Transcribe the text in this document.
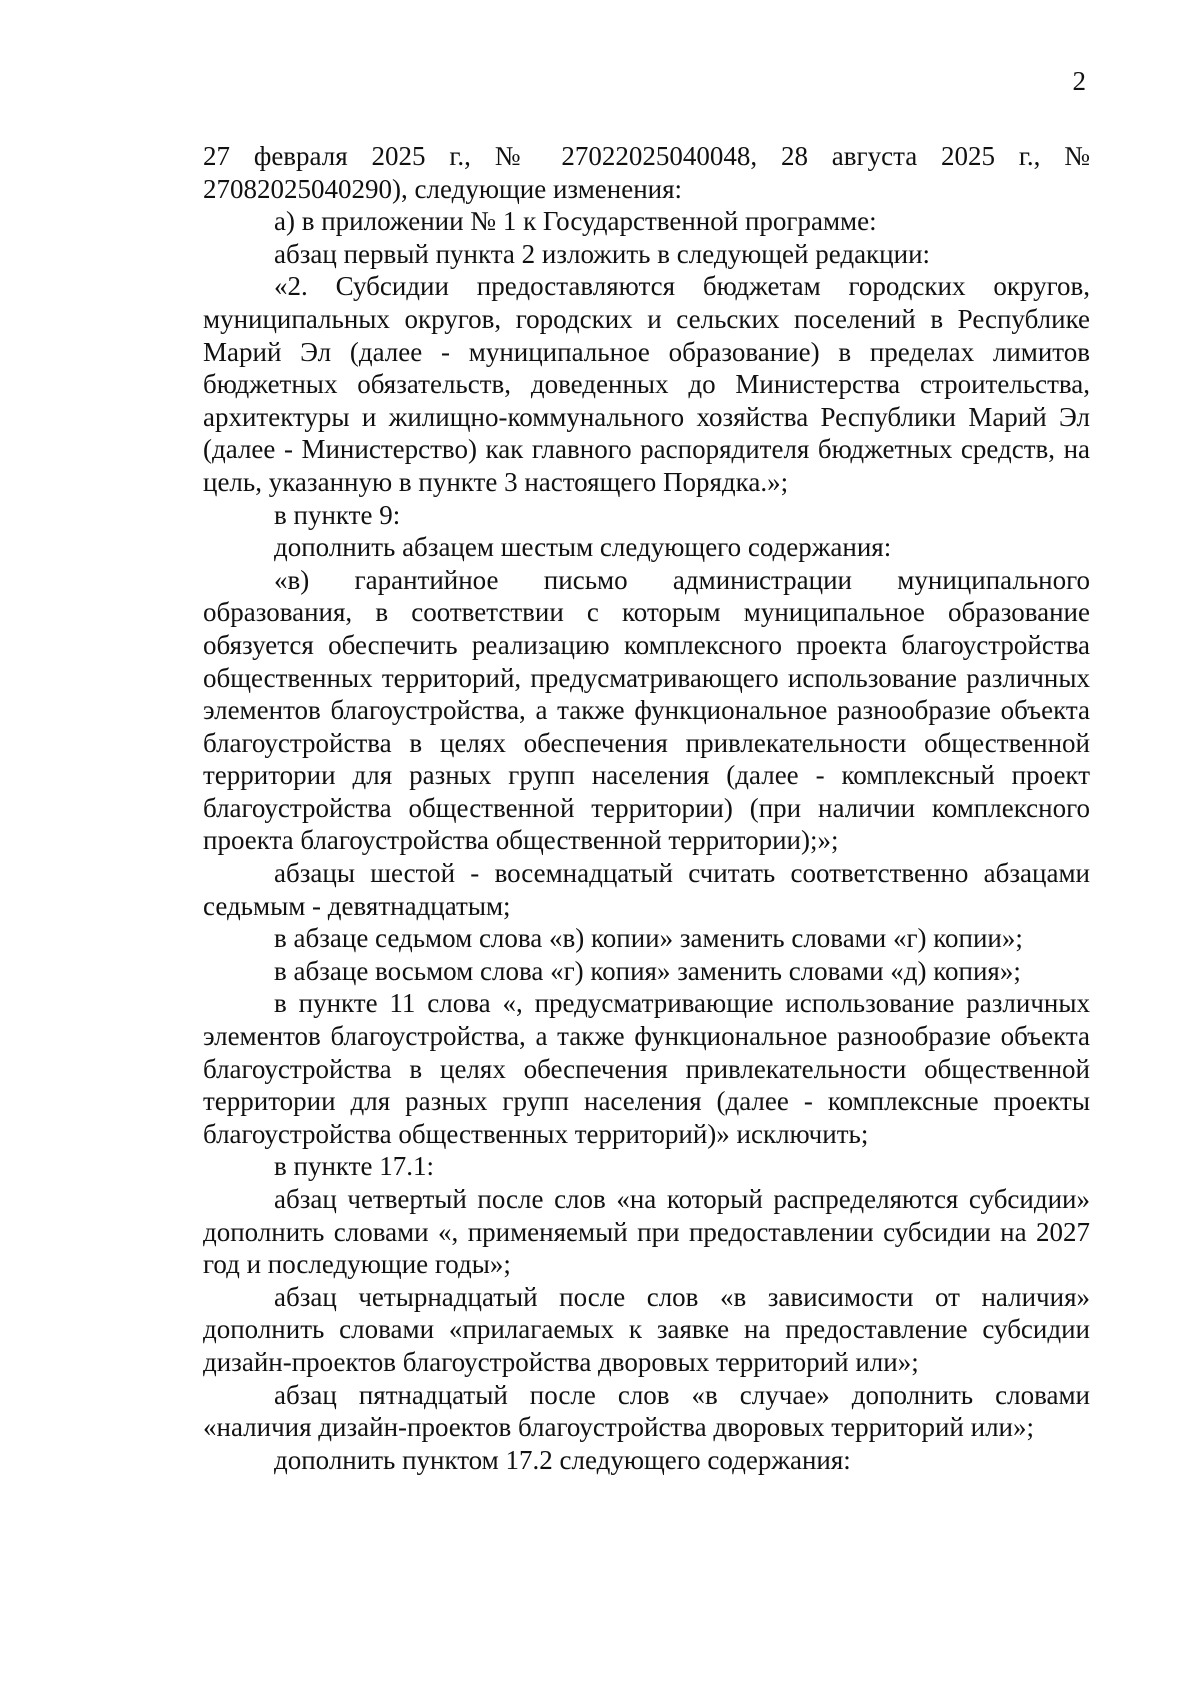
2

27 февраля 2025 г., № 27022025040048, 28 августа 2025 г., № 27082025040290), следующие изменения:

а) в приложении № 1 к Государственной программе:

абзац первый пункта 2 изложить в следующей редакции:

«2. Субсидии предоставляются бюджетам городских округов, муниципальных округов, городских и сельских поселений в Республике Марий Эл (далее - муниципальное образование) в пределах лимитов бюджетных обязательств, доведенных до Министерства строительства, архитектуры и жилищно-коммунального хозяйства Республики Марий Эл (далее - Министерство) как главного распорядителя бюджетных средств, на цель, указанную в пункте 3 настоящего Порядка.»;

в пункте 9:

дополнить абзацем шестым следующего содержания:

«в) гарантийное письмо администрации муниципального образования, в соответствии с которым муниципальное образование обязуется обеспечить реализацию комплексного проекта благоустройства общественных территорий, предусматривающего использование различных элементов благоустройства, а также функциональное разнообразие объекта благоустройства в целях обеспечения привлекательности общественной территории для разных групп населения (далее - комплексный проект благоустройства общественной территории) (при наличии комплексного проекта благоустройства общественной территории);»;

абзацы шестой - восемнадцатый считать соответственно абзацами седьмым - девятнадцатым;

в абзаце седьмом слова «в) копии» заменить словами «г) копии»;

в абзаце восьмом слова «г) копия» заменить словами «д) копия»;

в пункте 11 слова «, предусматривающие использование различных элементов благоустройства, а также функциональное разнообразие объекта благоустройства в целях обеспечения привлекательности общественной территории для разных групп населения (далее - комплексные проекты благоустройства общественных территорий)» исключить;

в пункте 17.1:

абзац четвертый после слов «на который распределяются субсидии» дополнить словами «, применяемый при предоставлении субсидии на 2027 год и последующие годы»;

абзац четырнадцатый после слов «в зависимости от наличия» дополнить словами «прилагаемых к заявке на предоставление субсидии дизайн-проектов благоустройства дворовых территорий или»;

абзац пятнадцатый после слов «в случае» дополнить словами «наличия дизайн-проектов благоустройства дворовых территорий или»;

дополнить пунктом 17.2 следующего содержания:
